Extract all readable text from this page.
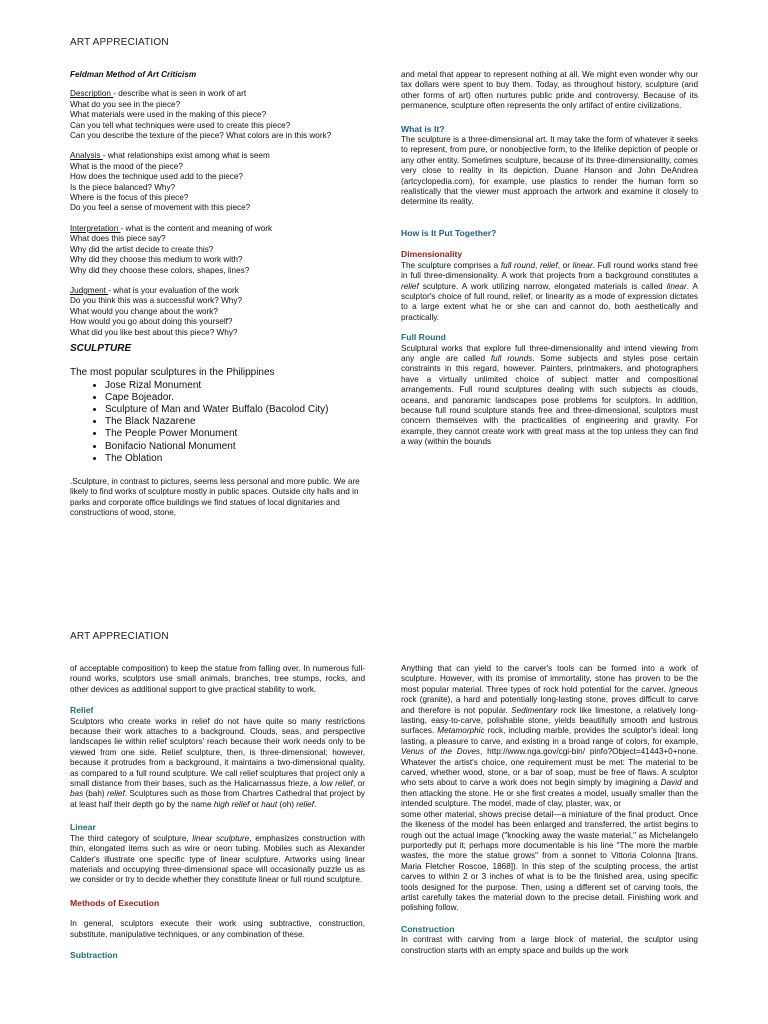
ART APPRECIATION

Feldman Method of Art Criticism

Description - describe what is seen in work of art

What do you see in the piece?

What materials were used in the making of this piece?

Can you tell what techniques were used to create this piece?

Can you describe the texture of the piece? What colors are in this work?

Analysis - what relationships exist among what is seem

What is the mood of the piece?

How does the technique used add to the piece?

Is the piece balanced? Why?

Where is the focus of this piece?

Do you feel a sense of movement with this piece?

Interpretation - what is the content and meaning of work

What does this piece say?

Why did the artist decide to create this?

Why did they choose this medium to work with?

Why did they choose these colors, shapes, lines?

Judgment - what is your evaluation of the work

Do you think this was a successful work? Why?

What would you change about the work?

How would you go about doing this yourself?

What did you like best about this piece? Why?

SCULPTURE

The most popular sculptures in the Philippines

• Jose Rizal Monument
• Cape Bojeador.
• Sculpture of Man and Water Buffalo (Bacolod City)
• The Black Nazarene
• The People Power Monument
• Bonifacio National Monument
• The Oblation

.Sculpture, in contrast to pictures, seems less personal and more public. We are likely to find works of sculpture mostly in public spaces. Outside city halls and in parks and corporate office buildings we find statues of local dignitaries and constructions of wood, stone,

and metal that appear to represent nothing at all. We might even wonder why our tax dollars were spent to buy them. Today, as throughout history, sculpture (and other forms of art) often nurtures public pride and controversy. Because of its permanence, sculpture often represents the only artifact of entire civilizations.

What is It?

The sculpture is a three-dimensional art. It may take the form of whatever it seeks to represent, from pure, or nonobjective form, to the lifelike depiction of people or any other entity. Sometimes sculpture, because of its three-dimensionality, comes very close to reality in its depiction. Duane Hanson and John DeAndrea (artcyclopedia.com), for example, use plastics to render the human form so realistically that the viewer must approach the artwork and examine it closely to determine its reality.

How is It Put Together?

Dimensionality

The sculpture comprises a full round, relief, or linear. Full round works stand free in full three-dimensionality. A work that projects from a background constitutes a relief sculpture. A work utilizing narrow, elongated materials is called linear. A sculptor's choice of full round, relief, or linearity as a mode of expression dictates to a large extent what he or she can and cannot do, both aesthetically and practically.

Full Round

Sculptural works that explore full three-dimensionality and intend viewing from any angle are called full rounds. Some subjects and styles pose certain constraints in this regard, however. Painters, printmakers, and photographers have a virtually unlimited choice of subject matter and compositional arrangements. Full round sculptures dealing with such subjects as clouds, oceans, and panoramic landscapes pose problems for sculptors. In addition, because full round sculpture stands free and three-dimensional, sculptors must concern themselves with the practicalities of engineering and gravity. For example, they cannot create work with great mass at the top unless they can find a way (within the bounds

ART APPRECIATION

of acceptable composition) to keep the statue from falling over. In numerous full-round works, sculptors use small animals, branches, tree stumps, rocks, and other devices as additional support to give practical stability to work.

Relief

Sculptors who create works in relief do not have quite so many restrictions because their work attaches to a background. Clouds, seas, and perspective landscapes lie within relief sculptors' reach because their work needs only to be viewed from one side. Relief sculpture, then, is three-dimensional; however, because it protrudes from a background, it maintains a two-dimensional quality, as compared to a full round sculpture. We call relief sculptures that project only a small distance from their bases, such as the Halicarnassus frieze, a low relief, or bas (bah) relief. Sculptures such as those from Chartres Cathedral that project by at least half their depth go by the name high relief or haut (oh) relief.

Linear

The third category of sculpture, linear sculpture, emphasizes construction with thin, elongated items such as wire or neon tubing. Mobiles such as Alexander Calder's illustrate one specific type of linear sculpture. Artworks using linear materials and occupying three-dimensional space will occasionally puzzle us as we consider or try to decide whether they constitute linear or full round sculpture.

Methods of Execution

In general, sculptors execute their work using subtractive, construction, substitute, manipulative techniques, or any combination of these.

Subtraction

Anything that can yield to the carver's tools can be formed into a work of sculpture. However, with its promise of immortality, stone has proven to be the most popular material. Three types of rock hold potential for the carver. Igneous rock (granite), a hard and potentially long-lasting stone, proves difficult to carve and therefore is not popular. Sedimentary rock like limestone, a relatively long-lasting, easy-to-carve, polishable stone, yields beautifully smooth and lustrous surfaces. Metamorphic rock, including marble, provides the sculptor's ideal: long lasting, a pleasure to carve, and existing in a broad range of colors, for example, Venus of the Doves, http://www.nga.gov/cgi-bin/ pinfo?Object=41443+0+none. Whatever the artist's choice, one requirement must be met: The material to be carved, whether wood, stone, or a bar of soap, must be free of flaws. A sculptor who sets about to carve a work does not begin simply by imagining a David and then attacking the stone. He or she first creates a model, usually smaller than the intended sculpture. The model, made of clay, plaster, wax, or

some other material, shows precise detail—a miniature of the final product. Once the likeness of the model has been enlarged and transferred, the artist begins to rough out the actual image ("knocking away the waste material," as Michelangelo purportedly put it; perhaps more documentable is his line "The more the marble wastes, the more the statue grows" from a sonnet to Vittoria Colonna [trans. Maria Fletcher Roscoe, 1868]). In this step of the sculpting process, the artist carves to within 2 or 3 inches of what is to be the finished area, using specific tools designed for the purpose. Then, using a different set of carving tools, the artist carefully takes the material down to the precise detail. Finishing work and polishing follow.

Construction

In contrast with carving from a large block of material, the sculptor using construction starts with an empty space and builds up the work
